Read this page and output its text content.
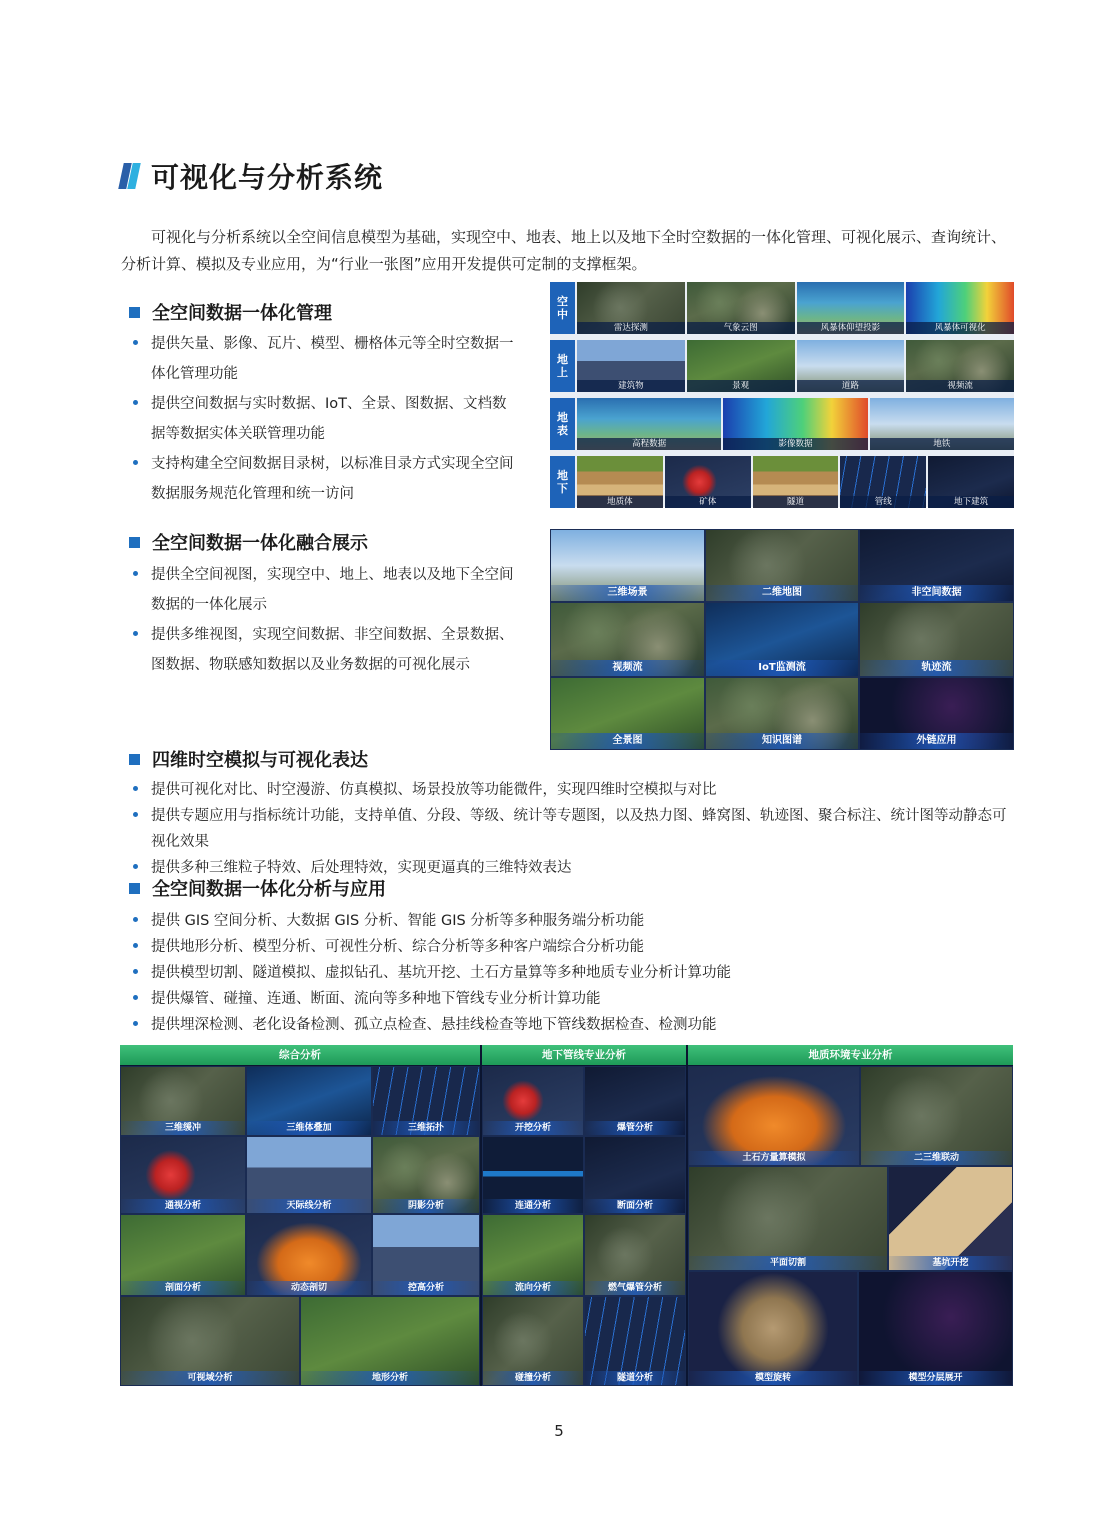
可视化与分析系统

可视化与分析系统以全空间信息模型为基础，实现空中、地表、地上以及地下全时空数据的一体化管理、可视化展示、查询统计、分析计算、模拟及专业应用，为“行业一张图”应用开发提供可定制的支撑框架。

全空间数据一体化管理
提供矢量、影像、瓦片、模型、栅格体元等全时空数据一体化管理功能
提供空间数据与实时数据、IoT、全景、图数据、文档数据等数据实体关联管理功能
支持构建全空间数据目录树，以标准目录方式实现全空间数据服务规范化管理和统一访问
全空间数据一体化融合展示
提供全空间视图，实现空中、地上、地表以及地下全空间数据的一体化展示
提供多维视图，实现空间数据、非空间数据、全景数据、图数据、物联感知数据以及业务数据的可视化展示
四维时空模拟与可视化表达
提供可视化对比、时空漫游、仿真模拟、场景投放等功能微件，实现四维时空模拟与对比
提供专题应用与指标统计功能，支持单值、分段、等级、统计等专题图，以及热力图、蜂窝图、轨迹图、聚合标注、统计图等动静态可视化效果
提供多种三维粒子特效、后处理特效，实现更逼真的三维特效表达
全空间数据一体化分析与应用
提供 GIS 空间分析、大数据 GIS 分析、智能 GIS 分析等多种服务端分析功能
提供地形分析、模型分析、可视性分析、综合分析等多种客户端综合分析功能
提供模型切割、隧道模拟、虚拟钻孔、基坑开挖、土石方量算等多种地质专业分析计算功能
提供爆管、碰撞、连通、断面、流向等多种地下管线专业分析计算功能
提供埋深检测、老化设备检测、孤立点检查、悬挂线检查等地下管线数据检查、检测功能
空
中
雷达探测	气象云图	风暴体仰望投影	风暴体可视化
地
上
建筑物	景观	道路	视频流
地
表
高程数据	影像数据	地铁
地
下
地质体	矿体	隧道	管线	地下建筑
三维场景	二维地图	非空间数据
视频流	IoT监测流	轨迹流
全景图	知识图谱	外链应用
综合分析	地下管线专业分析	地质环境专业分析
三维缓冲	三维体叠加	三维拓扑
通视分析	天际线分析	阴影分析
剖面分析	动态剖切	控高分析
可视域分析	地形分析
开挖分析	爆管分析
连通分析	断面分析
流向分析	燃气爆管分析
碰撞分析	隧道分析
土石方量算模拟	二三维联动
平面切割	基坑开挖
模型旋转	模型分层展开
5
